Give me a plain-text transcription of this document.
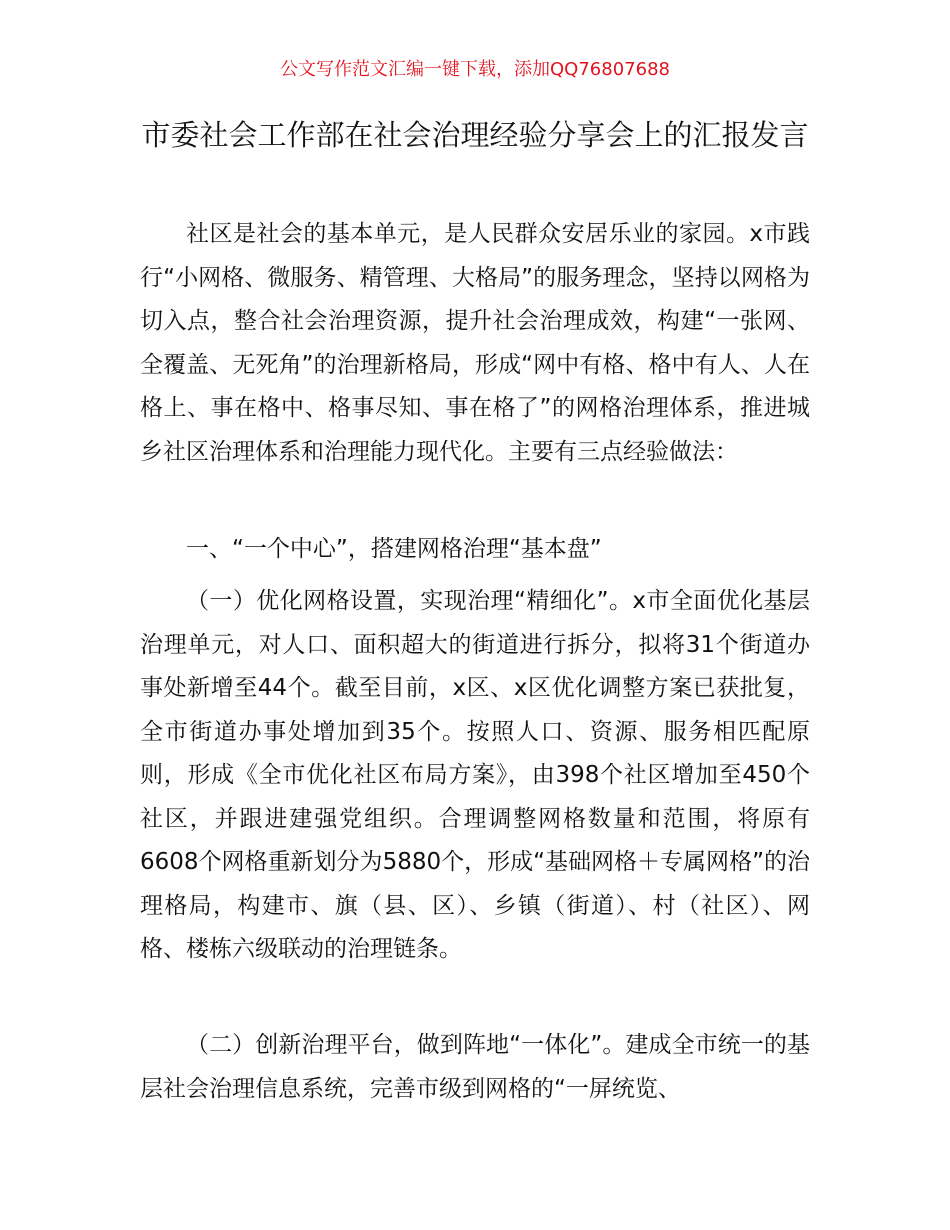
公文写作范文汇编一键下载，添加QQ76807688
市委社会工作部在社会治理经验分享会上的汇报发言

社区是社会的基本单元，是人民群众安居乐业的家园。x市践行“小网格、微服务、精管理、大格局”的服务理念，坚持以网格为切入点，整合社会治理资源，提升社会治理成效，构建“一张网、全覆盖、无死角”的治理新格局，形成“网中有格、格中有人、人在格上、事在格中、格事尽知、事在格了”的网格治理体系，推进城乡社区治理体系和治理能力现代化。主要有三点经验做法：

一、“一个中心”，搭建网格治理“基本盘”

（一）优化网格设置，实现治理“精细化”。x市全面优化基层治理单元，对人口、面积超大的街道进行拆分，拟将31个街道办事处新增至44个。截至目前，x区、x区优化调整方案已获批复，全市街道办事处增加到35个。按照人口、资源、服务相匹配原则，形成《全市优化社区布局方案》，由398个社区增加至450个社区，并跟进建强党组织。合理调整网格数量和范围，将原有6608个网格重新划分为5880个，形成“基础网格＋专属网格”的治理格局，构建市、旗（县、区）、乡镇（街道）、村（社区）、网格、楼栋六级联动的治理链条。

（二）创新治理平台，做到阵地“一体化”。建成全市统一的基层社会治理信息系统，完善市级到网格的“一屏统览、
